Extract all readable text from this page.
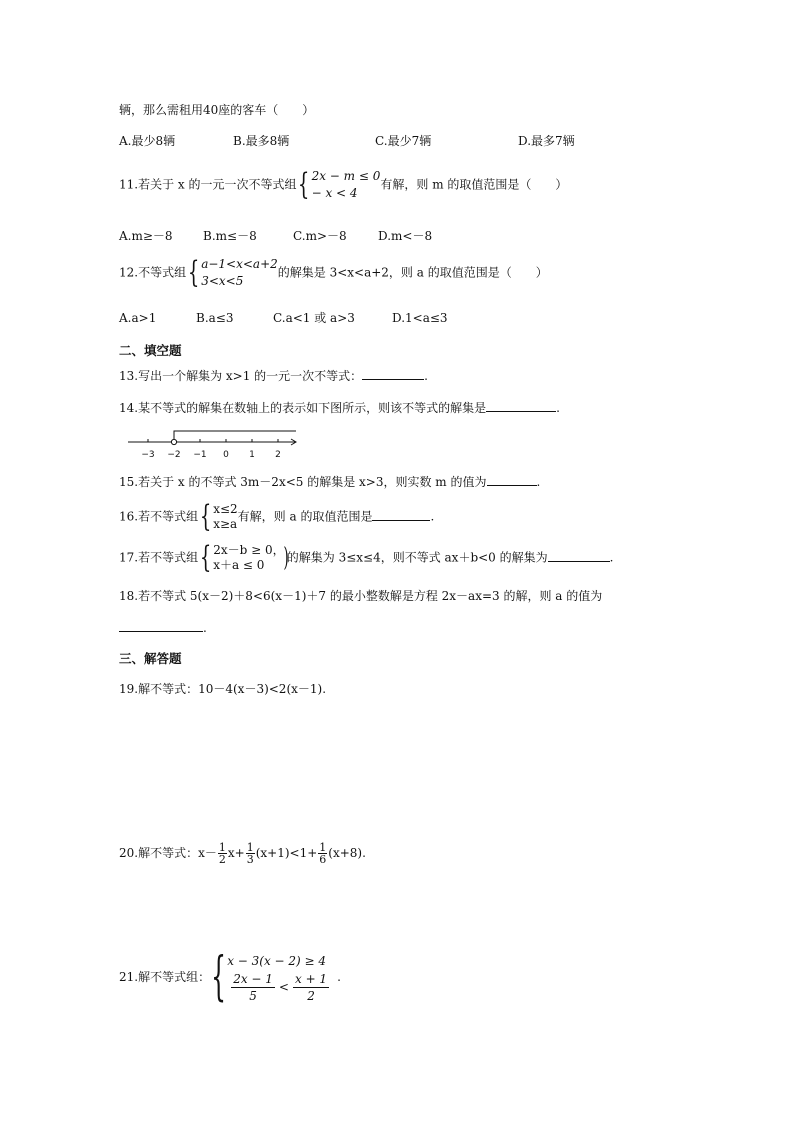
辆，那么需租用40座的客车（　　）
A.最少8辆	B.最多8辆	C.最少7辆	D.最多7辆
11.若关于 x 的一元一次不等式组{ 2x − m ≤ 0
− x < 4
有解，则 m 的取值范围是（　　）
A.m≥－8	B.m≤－8	C.m>－8	D.m<－8
12.不等式组{ a−1<x<a+2
3<x<5
的解集是 3<x<a+2，则 a 的取值范围是（　　）
A.a>1	B.a≤3	C.a<1 或 a>3	D.1<a≤3
二、填空题
13.写出一个解集为 x>1 的一元一次不等式：	.
14.某不等式的解集在数轴上的表示如下图所示，则该不等式的解集是	.
−3 −2 −1 0 1 2
15.若关于 x 的不等式 3m－2x<5 的解集是 x>3，则实数 m 的值为	.
16.若不等式组{ x≤2
x≥a
有解，则 a 的取值范围是	.
17.若不等式组{ 2x－b ≥ 0，
x＋a ≤ 0 )的解集为 3≤x≤4，则不等式 ax＋b<0 的解集为	.
18.若不等式 5(x－2)＋8<6(x－1)＋7 的最小整数解是方程 2x－ax=3 的解，则 a 的值为
.
三、解答题
19.解不等式：10－4(x－3)<2(x－1).
20.解不等式：$x- \frac{1}{2} x+ \frac{1}{3} (x+1)<1+ \frac{1}{6} (x+8)$.
21.解不等式组： { x − 3(x − 2) ≥ 4
2x − 1
5
<
x + 1
2
.
